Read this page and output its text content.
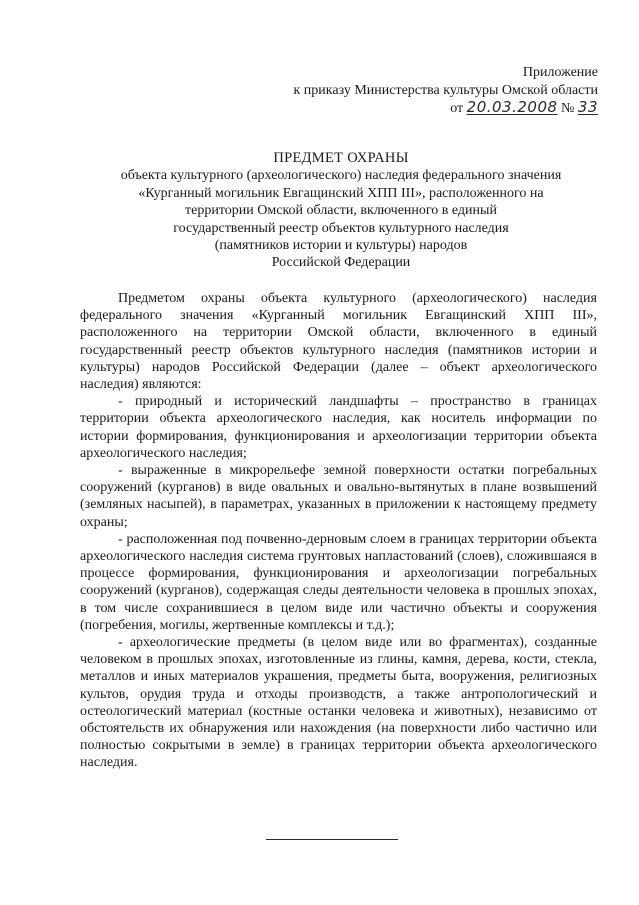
Приложение
к приказу Министерства культуры Омской области
от 20.03.2008 № 33
ПРЕДМЕТ ОХРАНЫ
объекта культурного (археологического) наследия федерального значения
«Курганный могильник Евгащинский ХПП III», расположенного на
территории Омской области, включенного в единый
государственный реестр объектов культурного наследия
(памятников истории и культуры) народов
Российской Федерации

Предметом охраны объекта культурного (археологического) наследия федерального значения «Курганный могильник Евгащинский ХПП III», расположенного на территории Омской области, включенного в единый государственный реестр объектов культурного наследия (памятников истории и культуры) народов Российской Федерации (далее – объект археологического наследия) являются:

- природный и исторический ландшафты – пространство в границах территории объекта археологического наследия, как носитель информации по истории формирования, функционирования и археологизации территории объекта археологического наследия;

- выраженные в микрорельефе земной поверхности остатки погребальных сооружений (курганов) в виде овальных и овально-вытянутых в плане возвышений (земляных насыпей), в параметрах, указанных в приложении к настоящему предмету охраны;

- расположенная под почвенно-дерновым слоем в границах территории объекта археологического наследия система грунтовых напластований (слоев), сложившаяся в процессе формирования, функционирования и археологизации погребальных сооружений (курганов), содержащая следы деятельности человека в прошлых эпохах, в том числе сохранившиеся в целом виде или частично объекты и сооружения (погребения, могилы, жертвенные комплексы и т.д.);

- археологические предметы (в целом виде или во фрагментах), созданные человеком в прошлых эпохах, изготовленные из глины, камня, дерева, кости, стекла, металлов и иных материалов украшения, предметы быта, вооружения, религиозных культов, орудия труда и отходы производств, а также антропологический и остеологический материал (костные останки человека и животных), независимо от обстоятельств их обнаружения или нахождения (на поверхности либо частично или полностью сокрытыми в земле) в границах территории объекта археологического наследия.
